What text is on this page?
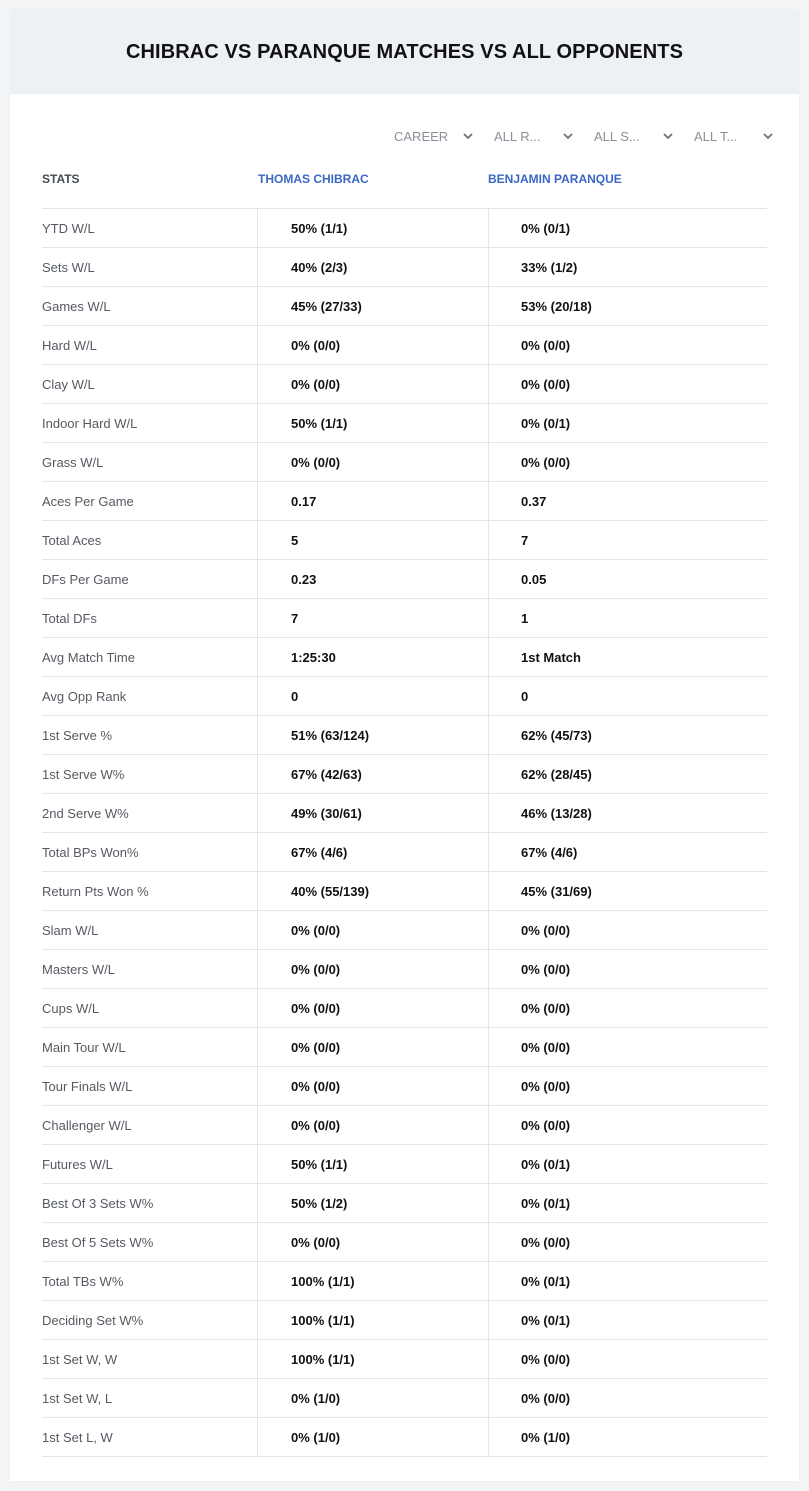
CHIBRAC VS PARANQUE MATCHES VS ALL OPPONENTS
CAREER	ALL R...	ALL S...	ALL T...
STATS	THOMAS CHIBRAC	BENJAMIN PARANQUE
YTD W/L	50% (1/1)	0% (0/1)
Sets W/L	40% (2/3)	33% (1/2)
Games W/L	45% (27/33)	53% (20/18)
Hard W/L	0% (0/0)	0% (0/0)
Clay W/L	0% (0/0)	0% (0/0)
Indoor Hard W/L	50% (1/1)	0% (0/1)
Grass W/L	0% (0/0)	0% (0/0)
Aces Per Game	0.17	0.37
Total Aces	5	7
DFs Per Game	0.23	0.05
Total DFs	7	1
Avg Match Time	1:25:30	1st Match
Avg Opp Rank	0	0
1st Serve %	51% (63/124)	62% (45/73)
1st Serve W%	67% (42/63)	62% (28/45)
2nd Serve W%	49% (30/61)	46% (13/28)
Total BPs Won%	67% (4/6)	67% (4/6)
Return Pts Won %	40% (55/139)	45% (31/69)
Slam W/L	0% (0/0)	0% (0/0)
Masters W/L	0% (0/0)	0% (0/0)
Cups W/L	0% (0/0)	0% (0/0)
Main Tour W/L	0% (0/0)	0% (0/0)
Tour Finals W/L	0% (0/0)	0% (0/0)
Challenger W/L	0% (0/0)	0% (0/0)
Futures W/L	50% (1/1)	0% (0/1)
Best Of 3 Sets W%	50% (1/2)	0% (0/1)
Best Of 5 Sets W%	0% (0/0)	0% (0/0)
Total TBs W%	100% (1/1)	0% (0/1)
Deciding Set W%	100% (1/1)	0% (0/1)
1st Set W, W	100% (1/1)	0% (0/0)
1st Set W, L	0% (1/0)	0% (0/0)
1st Set L, W	0% (1/0)	0% (1/0)
